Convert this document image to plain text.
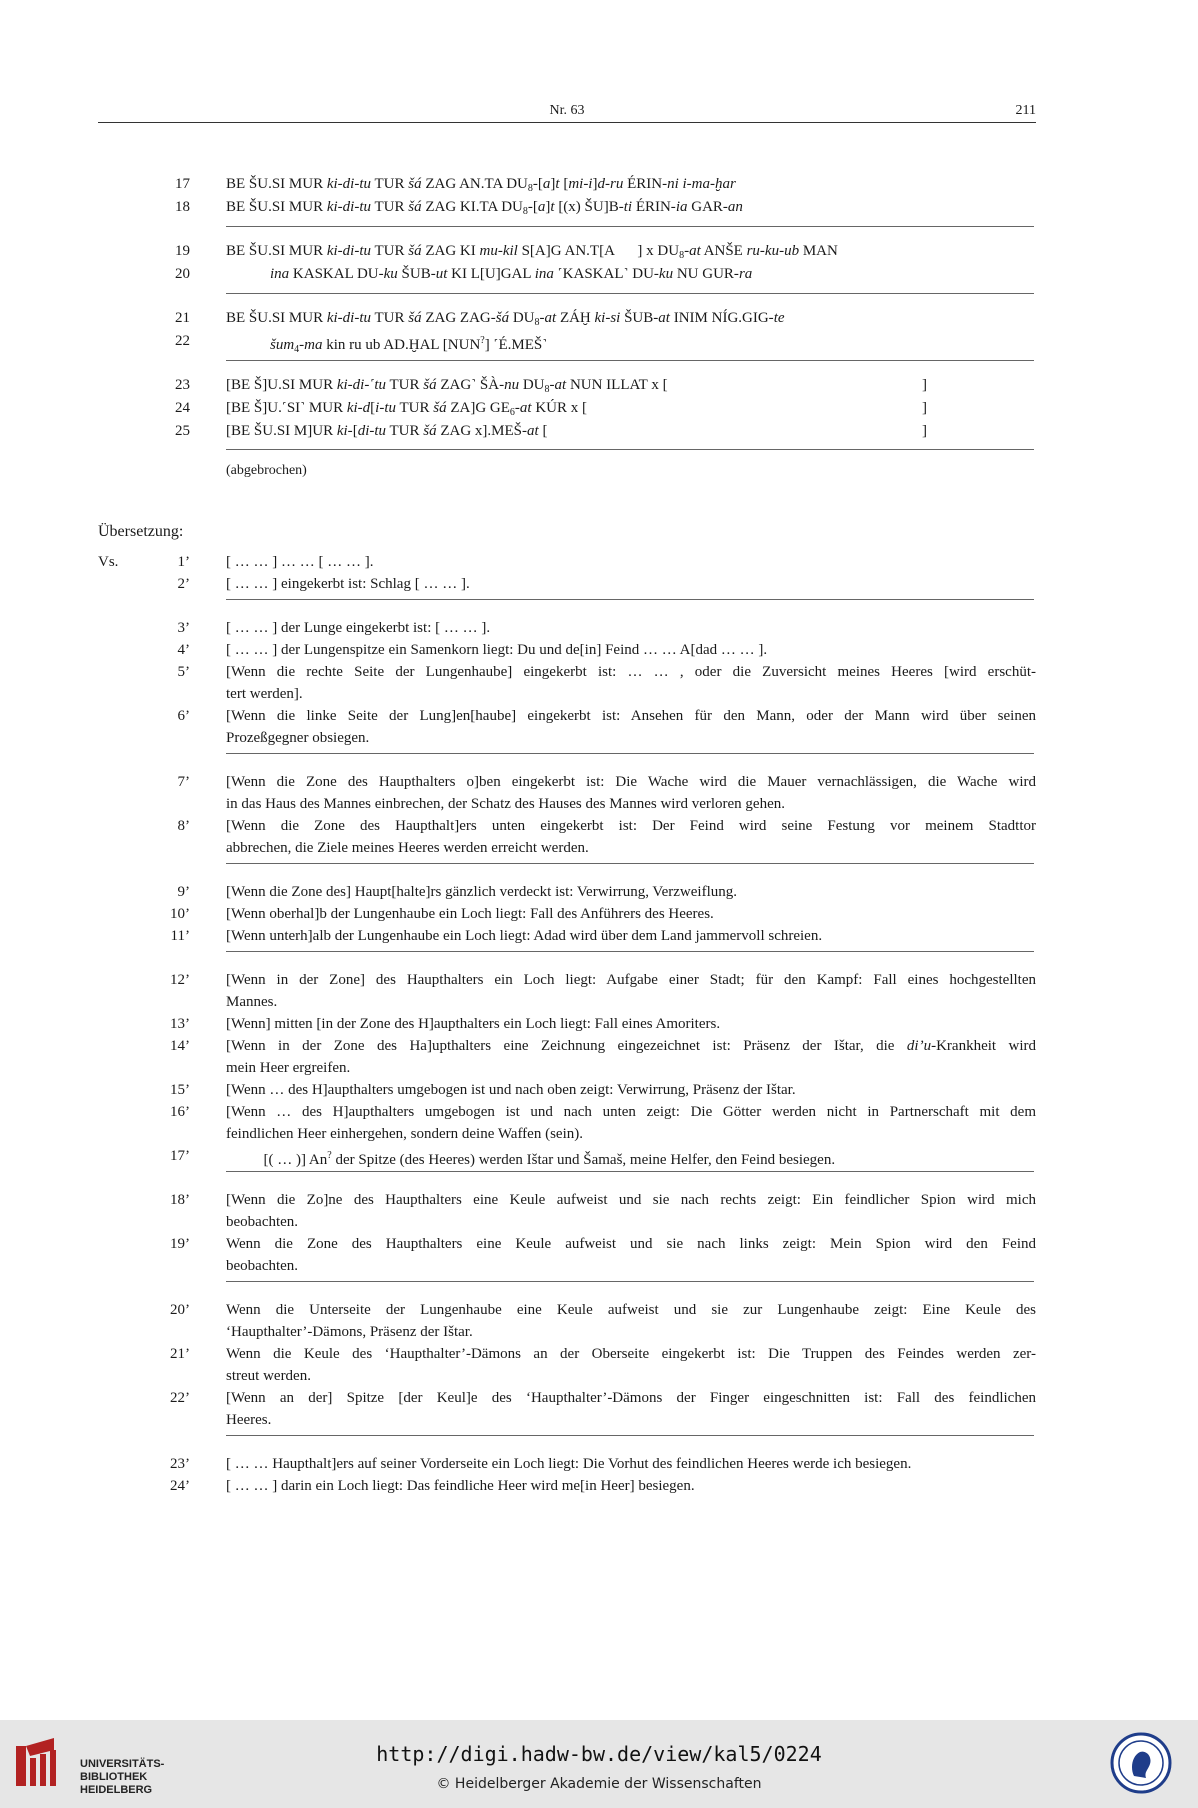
Nr. 63	211
17 BE ŠU.SI MUR ki-di-tu TUR šá ZAG AN.TA $DU_8-[a]t$ [mi-i]d-ru ÉRIN-ni i-ma-ḫar
18 BE ŠU.SI MUR ki-di-tu TUR šá ZAG KI.TA $DU_8-[a]t$ [(x) ŠU]B-ti ÉRIN-ia GAR-an
19 BE ŠU.SI MUR ki-di-tu TUR šá ZAG KI mu-kil S[A]G AN.T[A      ] x $DU_8-at$ ANŠE ru-ku-ub MAN
20	ina KASKAL DU-ku ŠUB-ut KI L[U]GAL ina ˹KASKAL˺ DU-ku NU GUR-ra
21 BE ŠU.SI MUR ki-di-tu TUR šá ZAG ZAG-šá $DU_8-at$ ZÁḪ ki-si ŠUB-at INIM NÍG.GIG-te
22	šum$_4$-ma kin ru ub AD.ḪAL [NUN?] ˹É.MEŠ˺
23 [BE Š]U.SI MUR ki-di-˹tu TUR šá ZAG˺ ŠÀ-nu $DU_8-at$ NUN ILLAT x [	]
24 [BE Š]U.˹SI˺ MUR ki-d[i-tu TUR šá ZA]G $GE_6-at$ KÚR x [	]
25 [BE ŠU.SI M]UR ki-[di-tu TUR šá ZAG x].MEŠ-at [	]
(abgebrochen)
Übersetzung:
Vs.	1’ [ … … ] … … [ … … ].
2’ [ … … ] eingekerbt ist: Schlag [ … … ].
3’ [ … … ] der Lunge eingekerbt ist: [ … … ].
4’ [ … … ] der Lungenspitze ein Samenkorn liegt: Du und de[in] Feind … … A[dad … … ].
5’ [Wenn die rechte Seite der Lungenhaube] eingekerbt ist: … … , oder die Zuversicht meines Heeres [wird erschüt-
tert werden].
6’ [Wenn die linke Seite der Lung]en[haube] eingekerbt ist: Ansehen für den Mann, oder der Mann wird über seinen
Prozeßgegner obsiegen.
7’ [Wenn die Zone des Haupthalters o]ben eingekerbt ist: Die Wache wird die Mauer vernachlässigen, die Wache wird
in das Haus des Mannes einbrechen, der Schatz des Hauses des Mannes wird verloren gehen.
8’ [Wenn die Zone des Haupthalt]ers unten eingekerbt ist: Der Feind wird seine Festung vor meinem Stadttor
abbrechen, die Ziele meines Heeres werden erreicht werden.
9’ [Wenn die Zone des] Haupt[halte]rs gänzlich verdeckt ist: Verwirrung, Verzweiflung.
10’ [Wenn oberhal]b der Lungenhaube ein Loch liegt: Fall des Anführers des Heeres.
11’ [Wenn unterh]alb der Lungenhaube ein Loch liegt: Adad wird über dem Land jammervoll schreien.
12’ [Wenn in der Zone] des Haupthalters ein Loch liegt: Aufgabe einer Stadt; für den Kampf: Fall eines hochgestellten
Mannes.
13’ [Wenn] mitten [in der Zone des H]aupthalters ein Loch liegt: Fall eines Amoriters.
14’ [Wenn in der Zone des Ha]upthalters eine Zeichnung eingezeichnet ist: Präsenz der Ištar, die di’u-Krankheit wird
mein Heer ergreifen.
15’ [Wenn … des H]aupthalters umgebogen ist und nach oben zeigt: Verwirrung, Präsenz der Ištar.
16’ [Wenn … des H]aupthalters umgebogen ist und nach unten zeigt: Die Götter werden nicht in Partnerschaft mit dem
feindlichen Heer einhergehen, sondern deine Waffen (sein).
17’ [( … )] An? der Spitze (des Heeres) werden Ištar und Šamaš, meine Helfer, den Feind besiegen.
18’ [Wenn die Zo]ne des Haupthalters eine Keule aufweist und sie nach rechts zeigt: Ein feindlicher Spion wird mich
beobachten.
19’ Wenn die Zone des Haupthalters eine Keule aufweist und sie nach links zeigt: Mein Spion wird den Feind
beobachten.
20’ Wenn die Unterseite der Lungenhaube eine Keule aufweist und sie zur Lungenhaube zeigt: Eine Keule des
‘Haupthalter’-Dämons, Präsenz der Ištar.
21’ Wenn die Keule des ‘Haupthalter’-Dämons an der Oberseite eingekerbt ist: Die Truppen des Feindes werden zer-
streut werden.
22’ [Wenn an der] Spitze [der Keul]e des ‘Haupthalter’-Dämons der Finger eingeschnitten ist: Fall des feindlichen
Heeres.
23’ [ … … Haupthalt]ers auf seiner Vorderseite ein Loch liegt: Die Vorhut des feindlichen Heeres werde ich besiegen.
24’ [ … … ] darin ein Loch liegt: Das feindliche Heer wird me[in Heer] besiegen.
UNIVERSITÄTS-
BIBLIOTHEK
HEIDELBERG
http://digi.hadw-bw.de/view/kal5/0224
© Heidelberger Akademie der Wissenschaften
